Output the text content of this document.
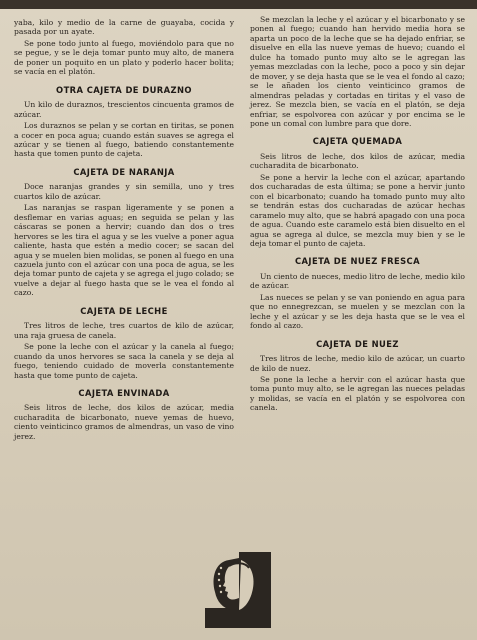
yaba, kilo y medio de la carne de guayaba, cocida y pasada por un ayate.

Se pone todo junto al fuego, moviéndolo para que no se pegue, y se le deja tomar punto muy alto, de manera de poner un poquito en un plato y poderlo hacer bolita; se vacía en el platón.

OTRA CAJETA DE DURAZNO

Un kilo de duraznos, trescientos cincuenta gramos de azúcar.

Los duraznos se pelan y se cortan en tiritas, se ponen a cocer en poca agua; cuando están suaves se agrega el azúcar y se tienen al fuego, batiendo constantemente hasta que tomen punto de cajeta.

CAJETA DE NARANJA

Doce naranjas grandes y sin semilla, uno y tres cuartos kilo de azúcar.

Las naranjas se raspan ligeramente y se ponen a desflemar en varias aguas; en seguida se pelan y las cáscaras se ponen a hervir; cuando dan dos o tres hervores se les tira el agua y se les vuelve a poner agua caliente, hasta que estén a medio cocer; se sacan del agua y se muelen bien molidas, se ponen al fuego en una cazuela junto con el azúcar con una poca de agua, se les deja tomar punto de cajeta y se agrega el jugo colado; se vuelve a dejar al fuego hasta que se le vea el fondo al cazo.

CAJETA DE LECHE

Tres litros de leche, tres cuartos de kilo de azúcar, una raja gruesa de canela.

Se pone la leche con el azúcar y la canela al fuego; cuando da unos hervores se saca la canela y se deja al fuego, teniendo cuidado de moverla constantemente hasta que tome punto de cajeta.

CAJETA ENVINADA

Seis litros de leche, dos kilos de azúcar, media cucharadita de bicarbonato, nueve yemas de huevo, ciento veinticinco gramos de almendras, un vaso de vino jerez.

Se mezclan la leche y el azúcar y el bicarbonato y se ponen al fuego; cuando han hervido media hora se aparta un poco de la leche que se ha dejado enfriar, se disuelve en ella las nueve yemas de huevo; cuando el dulce ha tomado punto muy alto se le agregan las yemas mezcladas con la leche, poco a poco y sin dejar de mover, y se deja hasta que se le vea el fondo al cazo; se le añaden los ciento veinticinco gramos de almendras peladas y cortadas en tiritas y el vaso de jerez. Se mezcla bien, se vacía en el platón, se deja enfriar, se espolvorea con azúcar y por encima se le pone un comal con lumbre para que dore.

CAJETA QUEMADA

Seis litros de leche, dos kilos de azúcar, media cucharadita de bicarbonato.

Se pone a hervir la leche con el azúcar, apartando dos cucharadas de esta última; se pone a hervir junto con el bicarbonato; cuando ha tomado punto muy alto se tendrán estas dos cucharadas de azúcar hechas caramelo muy alto, que se habrá apagado con una poca de agua. Cuando este caramelo está bien disuelto en el agua se agrega al dulce, se mezcla muy bien y se le deja tomar el punto de cajeta.

CAJETA DE NUEZ FRESCA

Un ciento de nueces, medio litro de leche, medio kilo de azúcar.

Las nueces se pelan y se van poniendo en agua para que no ennegrezcan, se muelen y se mezclan con la leche y el azúcar y se les deja hasta que se le vea el fondo al cazo.

CAJETA DE NUEZ

Tres litros de leche, medio kilo de azúcar, un cuarto de kilo de nuez.

Se pone la leche a hervir con el azúcar hasta que toma punto muy alto, se le agregan las nueces peladas y molidas, se vacía en el platón y se espolvorea con canela.
